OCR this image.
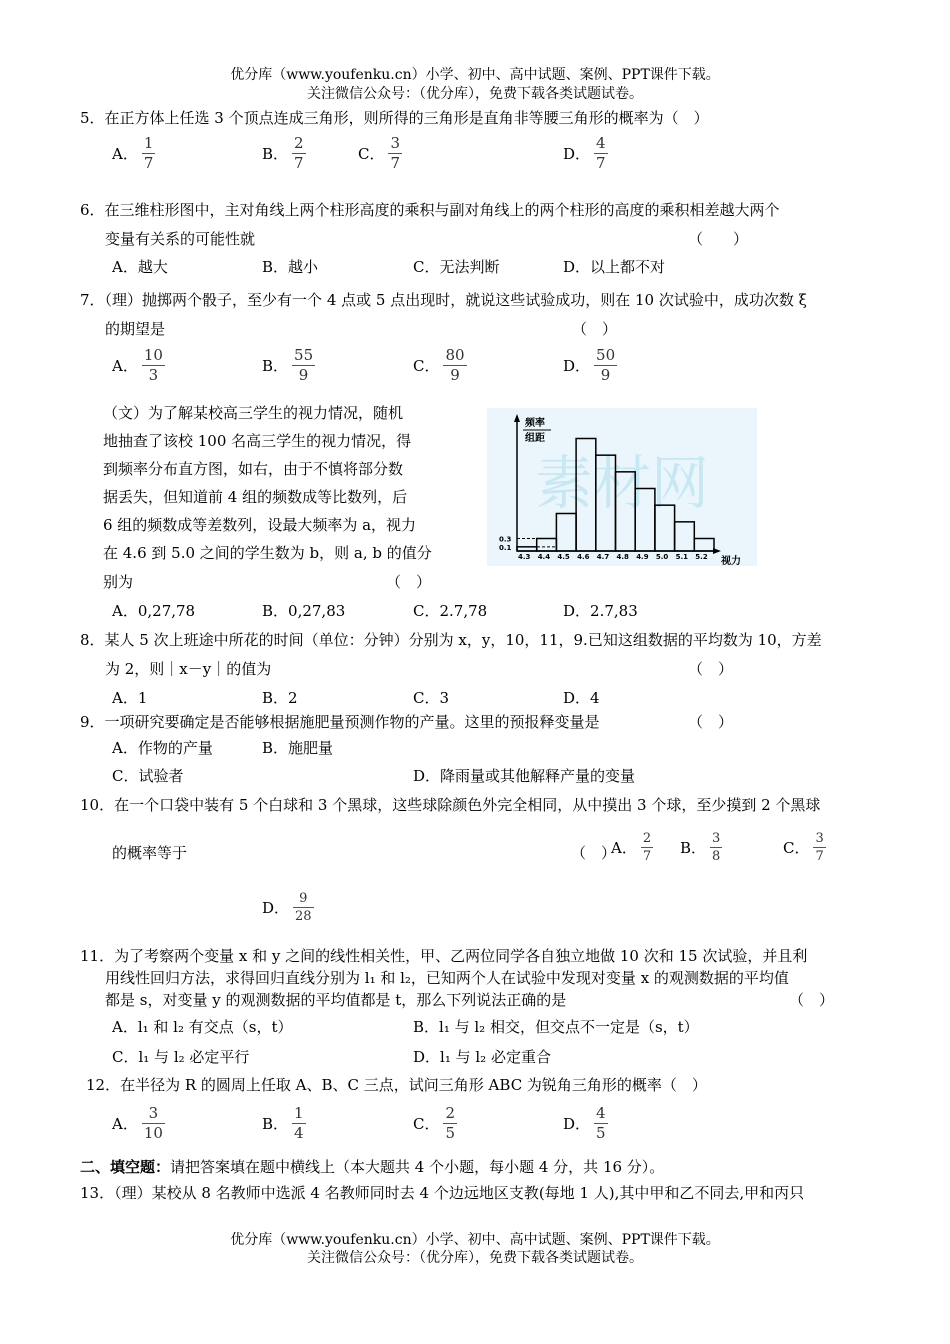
优分库（www.youfenku.cn）小学、初中、高中试题、案例、PPT课件下载。
关注微信公众号：（优分库），免费下载各类试题试卷。
5．在正方体上任选 3 个顶点连成三角形，则所得的三角形是直角非等腰三角形的概率为（　）
A． $\frac{1}{7}$	B． $\frac{2}{7}$	C． $\frac{3}{7}$	D． $\frac{4}{7}$
6．在三维柱形图中，主对角线上两个柱形高度的乘积与副对角线上的两个柱形的高度的乘积相差越大两个
变量有关系的可能性就	（　　）
A．越大	B．越小	C．无法判断	D．以上都不对
7．（理）抛掷两个骰子，至少有一个 4 点或 5 点出现时，就说这些试验成功，则在 10 次试验中，成功次数 ξ
的期望是	（　）
A． $\frac{10}{3}$	B． $\frac{55}{9}$	C． $\frac{80}{9}$	D． $\frac{50}{9}$
（文）为了解某校高三学生的视力情况，随机
地抽查了该校 100 名高三学生的视力情况，得
到频率分布直方图，如右，由于不慎将部分数
据丢失，但知道前 4 组的频数成等比数列，后
6 组的频数成等差数列，设最大频率为 a，视力
在 4.6 到 5.0 之间的学生数为 b，则 a, b 的值分
别为	（　）
A．0,27,78	B．0,27,83	C．2.7,78	D．2.7,83
素材网
4.3 4.4 4.5 4.6 4.7 4.8 4.9 5.0 5.1 5.2
0.3
0.1
频率
组距
视力
8．某人 5 次上班途中所花的时间（单位：分钟）分别为 x，y，10，11，9.已知这组数据的平均数为 10，方差
为 2，则｜x－y｜的值为	（　）
A．1	B．2	C．3	D．4
9．一项研究要确定是否能够根据施肥量预测作物的产量。这里的预报释变量是	（　）
A．作物的产量	B．施肥量
C．试验者	D．降雨量或其他解释产量的变量
10．在一个口袋中装有 5 个白球和 3 个黑球，这些球除颜色外完全相同，从中摸出 3 个球，至少摸到 2 个黑球
的概率等于	（　）
A． $\frac{2}{7}$ B． $\frac{3}{8}$	C． $\frac{3}{7}$
D． $\frac{9}{28}$
11．为了考察两个变量 x 和 y 之间的线性相关性，甲、乙两位同学各自独立地做 10 次和 15 次试验，并且利
用线性回归方法，求得回归直线分别为 l₁ 和 l₂，已知两个人在试验中发现对变量 x 的观测数据的平均值
都是 s，对变量 y 的观测数据的平均值都是 t，那么下列说法正确的是	（　）
A．l₁ 和 l₂ 有交点（s，t）	B．l₁ 与 l₂ 相交，但交点不一定是（s，t）
C．l₁ 与 l₂ 必定平行	D．l₁ 与 l₂ 必定重合
12．在半径为 R 的圆周上任取 A、B、C 三点，试问三角形 ABC 为锐角三角形的概率（　）
A． $\frac{3}{10}$	B． $\frac{1}{4}$	C． $\frac{2}{5}$	D． $\frac{4}{5}$
二、填空题：请把答案填在题中横线上（本大题共 4 个小题，每小题 4 分，共 16 分）。
13．（理）某校从 8 名教师中选派 4 名教师同时去 4 个边远地区支教(每地 1 人),其中甲和乙不同去,甲和丙只
优分库（www.youfenku.cn）小学、初中、高中试题、案例、PPT课件下载。
关注微信公众号：（优分库），免费下载各类试题试卷。
